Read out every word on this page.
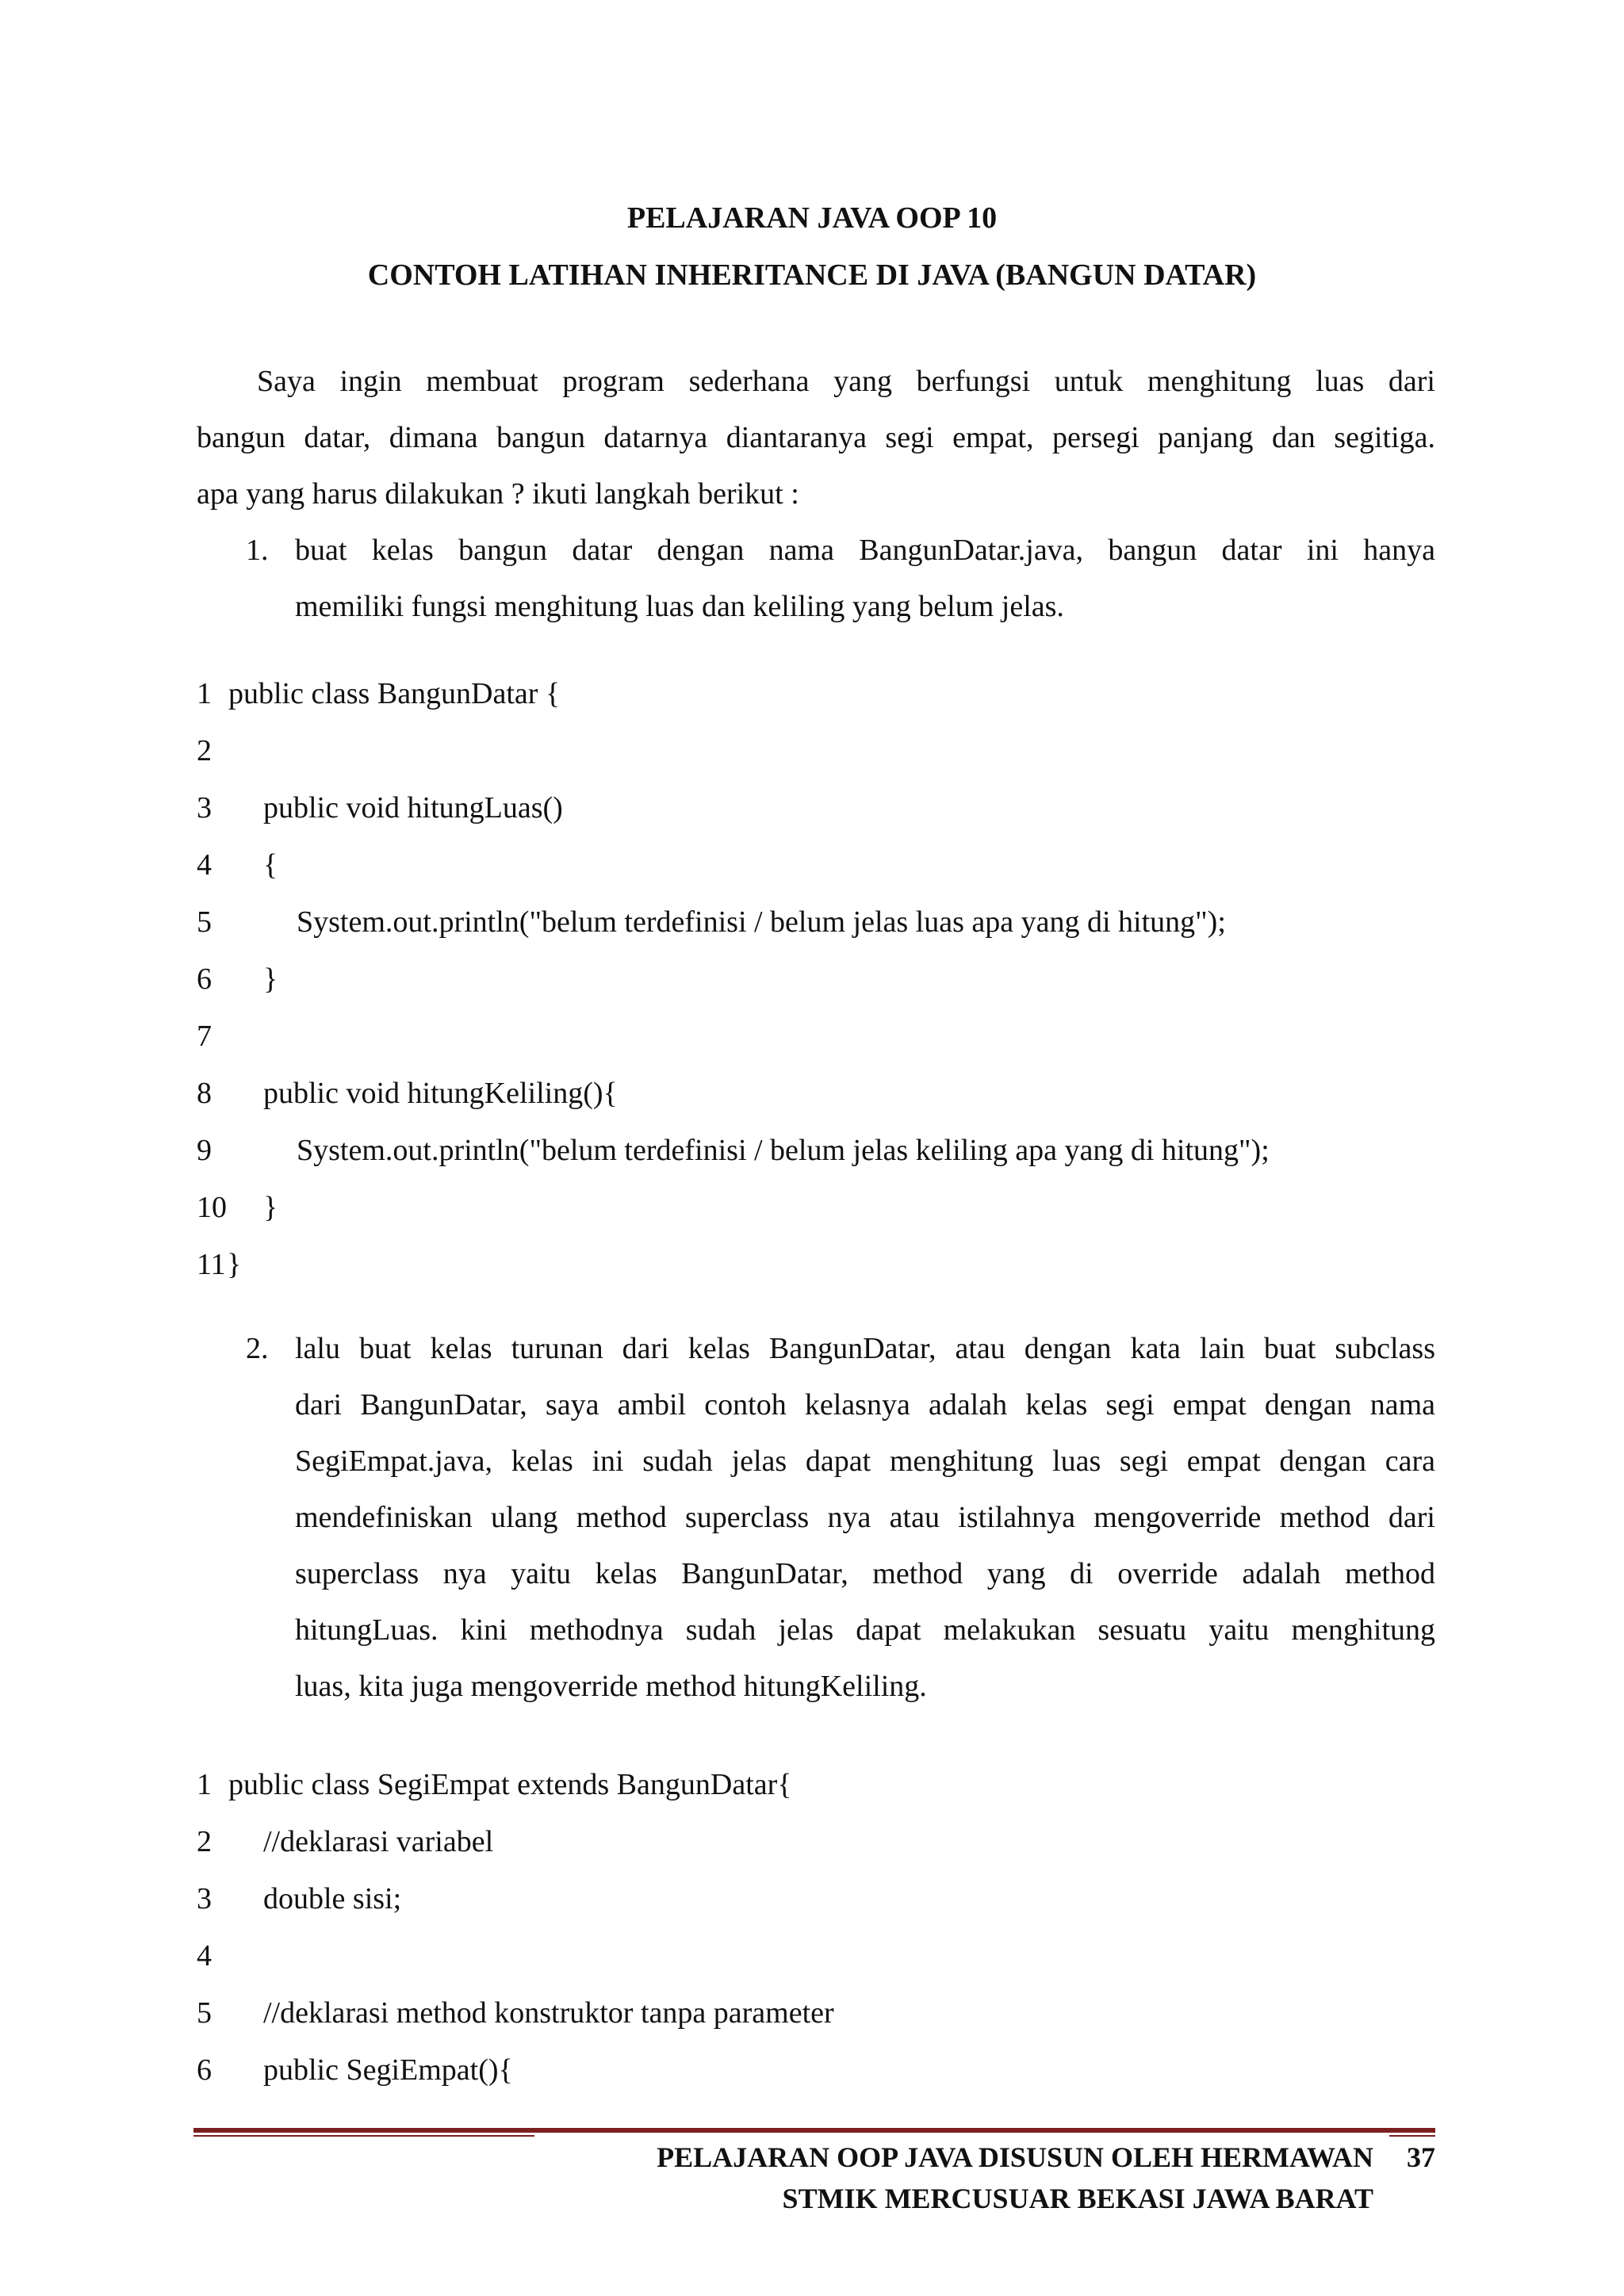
PELAJARAN JAVA OOP 10
CONTOH LATIHAN INHERITANCE DI JAVA (BANGUN DATAR)
Saya ingin membuat program sederhana yang berfungsi untuk menghitung luas dari
bangun datar, dimana bangun datarnya diantaranya segi empat, persegi panjang dan segitiga.
apa yang harus dilakukan ? ikuti langkah berikut :
1. buat kelas bangun datar dengan nama BangunDatar.java, bangun datar ini hanya
memiliki fungsi menghitung luas dan keliling yang belum jelas.
1 public class BangunDatar {
2
3 public void hitungLuas()
4 {
5	System.out.println("belum terdefinisi / belum jelas luas apa yang di hitung");
6 }
7
8 public void hitungKeliling(){
9	System.out.println("belum terdefinisi / belum jelas keliling apa yang di hitung");
10 }
11 }
2. lalu buat kelas turunan dari kelas BangunDatar, atau dengan kata lain buat subclass
dari BangunDatar, saya ambil contoh kelasnya adalah kelas segi empat dengan nama
SegiEmpat.java, kelas ini sudah jelas dapat menghitung luas segi empat dengan cara
mendefiniskan ulang method superclass nya atau istilahnya mengoverride method dari
superclass nya yaitu kelas BangunDatar, method yang di override adalah method
hitungLuas. kini methodnya sudah jelas dapat melakukan sesuatu yaitu menghitung
luas, kita juga mengoverride method hitungKeliling.
1 public class SegiEmpat extends BangunDatar{
2 //deklarasi variabel
3 double sisi;
4
5 //deklarasi method konstruktor tanpa parameter
6 public SegiEmpat(){
PELAJARAN OOP JAVA DISUSUN OLEH HERMAWAN
STMIK MERCUSUAR BEKASI JAWA BARAT
37
